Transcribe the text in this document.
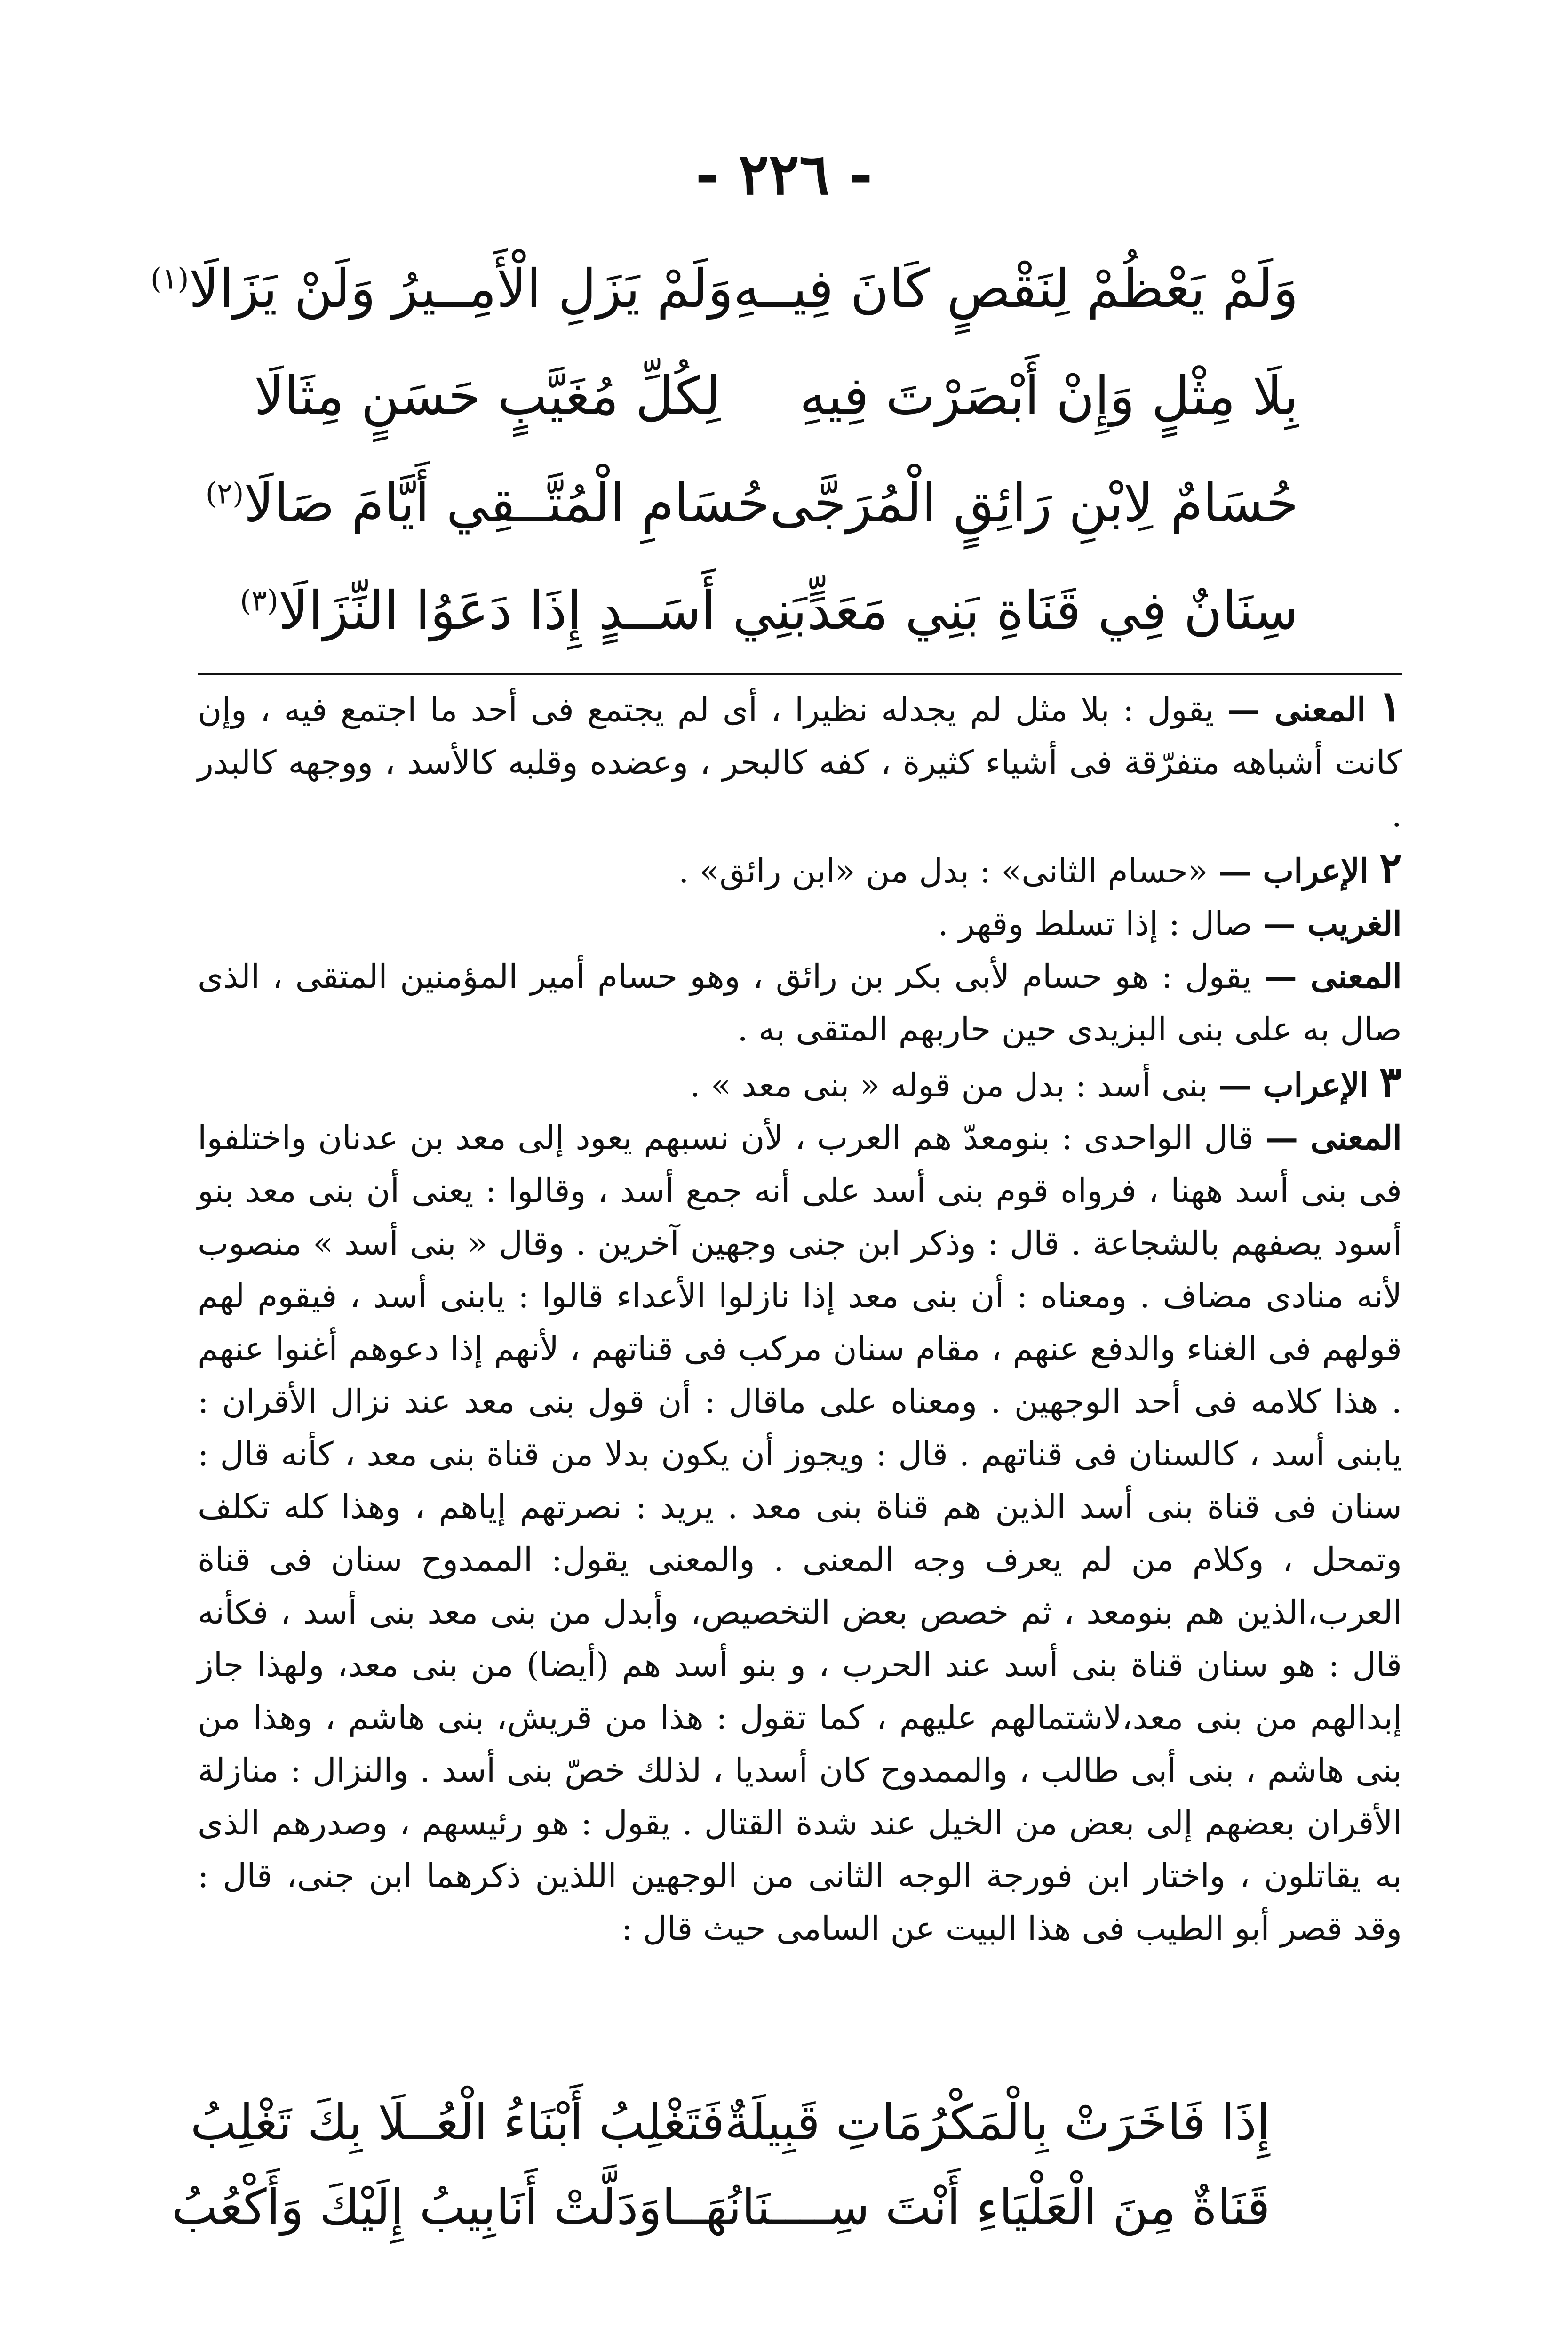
- ٢٢٦ -
وَلَمْ يَعْظُمْ لِنَقْصٍ كَانَ فِيــهِ
وَلَمْ يَزَلِ الْأَمِــيرُ وَلَنْ يَزَالَا$^{(١)}$
بِلَا مِثْلٍ وَإِنْ أَبْصَرْتَ فِيهِ
لِكُلِّ مُغَيَّبٍ حَسَنٍ مِثَالَا
حُسَامٌ لِابْنِ رَائِقٍ الْمُرَجَّى
حُسَامِ الْمُتَّــقِي أَيَّامَ صَالَا$^{(٢)}$
سِنَانٌ فِي قَنَاةِ بَنِي مَعَدٍّ
بَنِي أَسَــدٍ إِذَا دَعَوُا النِّزَالَا$^{(٣)}$

١ المعنى — يقول : بلا مثل لم يجدله نظيرا ، أى لم يجتمع فى أحد ما اجتمع فيه ، وإن كانت أشباهه متفرّقة فى أشياء كثيرة ، كفه كالبحر ، وعضده وقلبه كالأسد ، ووجهه كالبدر .

٢ الإعراب — «حسام الثانى» : بدل من «ابن رائق» .

الغريب — صال : إذا تسلط وقهر .

المعنى — يقول : هو حسام لأبى بكر بن رائق ، وهو حسام أمير المؤمنين المتقى ، الذى صال به على بنى البزيدى حين حاربهم المتقى به .

٣ الإعراب — بنى أسد : بدل من قوله « بنى معد » .

المعنى — قال الواحدى : بنومعدّ هم العرب ، لأن نسبهم يعود إلى معد بن عدنان واختلفوا فى بنى أسد ههنا ، فرواه قوم بنى أسد على أنه جمع أسد ، وقالوا : يعنى أن بنى معد بنو أسود يصفهم بالشجاعة . قال : وذكر ابن جنى وجهين آخرين . وقال « بنى أسد » منصوب لأنه منادى مضاف . ومعناه : أن بنى معد إذا نازلوا الأعداء قالوا : يابنى أسد ، فيقوم لهم قولهم فى الغناء والدفع عنهم ، مقام سنان مركب فى قناتهم ، لأنهم إذا دعوهم أغنوا عنهم . هذا كلامه فى أحد الوجهين . ومعناه على ماقال : أن قول بنى معد عند نزال الأقران : يابنى أسد ، كالسنان فى قناتهم . قال : ويجوز أن يكون بدلا من قناة بنى معد ، كأنه قال : سنان فى قناة بنى أسد الذين هم قناة بنى معد . يريد : نصرتهم إياهم ، وهذا كله تكلف وتمحل ، وكلام من لم يعرف وجه المعنى . والمعنى يقول: الممدوح سنان فى قناة العرب،الذين هم بنومعد ، ثم خصص بعض التخصيص، وأبدل من بنى معد بنى أسد ، فكأنه قال : هو سنان قناة بنى أسد عند الحرب ، و بنو أسد هم (أيضا) من بنى معد، ولهذا جاز إبدالهم من بنى معد،لاشتمالهم عليهم ، كما تقول : هذا من قريش، بنى هاشم ، وهذا من بنى هاشم ، بنى أبى طالب ، والممدوح كان أسديا ، لذلك خصّ بنى أسد . والنزال : منازلة الأقران بعضهم إلى بعض من الخيل عند شدة القتال . يقول : هو رئيسهم ، وصدرهم الذى به يقاتلون ، واختار ابن فورجة الوجه الثانى من الوجهين اللذين ذكرهما ابن جنى، قال : وقد قصر أبو الطيب فى هذا البيت عن السامى حيث قال :

إِذَا فَاخَرَتْ بِالْمَكْرُمَاتِ قَبِيلَةٌ
فَتَغْلِبُ أَبْنَاءُ الْعُــلَا بِكَ تَغْلِبُ
قَنَاةٌ مِنَ الْعَلْيَاءِ أَنْتَ سِــــنَانُهَــا
وَدَلَّتْ أَنَابِيبُ إِلَيْكَ وَأَكْعُبُ
